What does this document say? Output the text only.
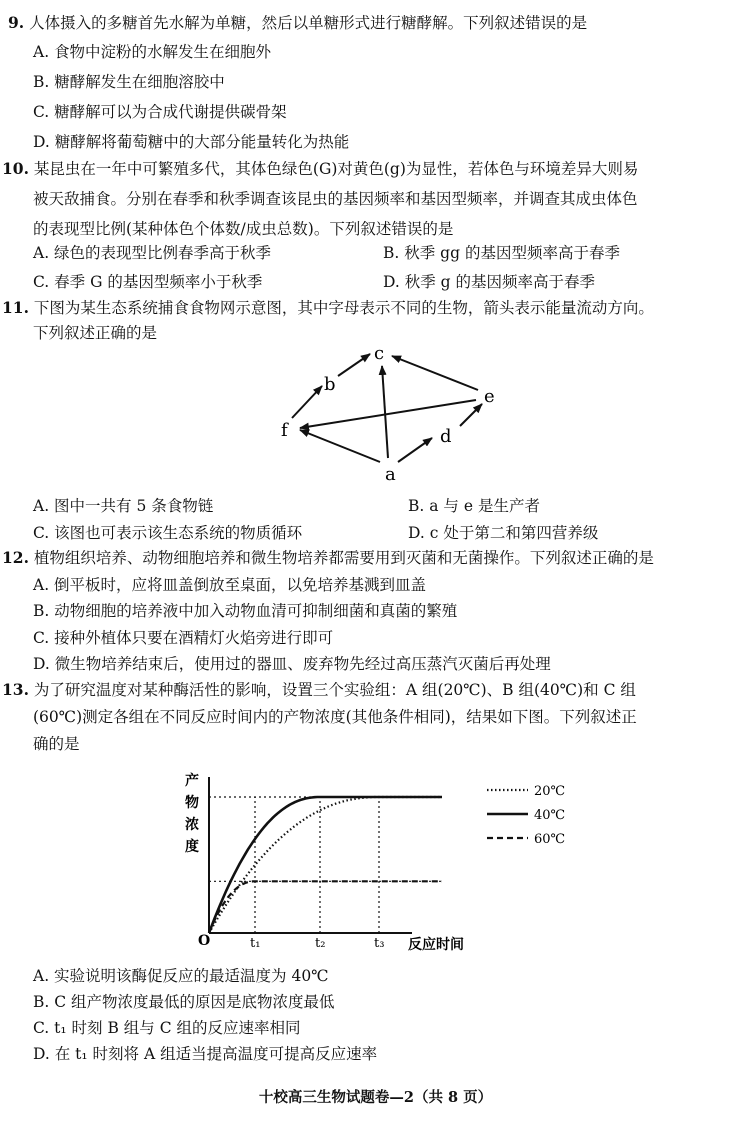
9. 人体摄入的多糖首先水解为单糖，然后以单糖形式进行糖酵解。下列叙述错误的是
A. 食物中淀粉的水解发生在细胞外
B. 糖酵解发生在细胞溶胶中
C. 糖酵解可以为合成代谢提供碳骨架
D. 糖酵解将葡萄糖中的大部分能量转化为热能
10. 某昆虫在一年中可繁殖多代，其体色绿色(G)对黄色(g)为显性，若体色与环境差异大则易
被天敌捕食。分别在春季和秋季调查该昆虫的基因频率和基因型频率，并调查其成虫体色
的表现型比例(某种体色个体数/成虫总数)。下列叙述错误的是
A. 绿色的表现型比例春季高于秋季	B. 秋季 gg 的基因型频率高于春季
C. 春季 G 的基因型频率小于秋季	D. 秋季 g 的基因频率高于春季
11. 下图为某生态系统捕食食物网示意图，其中字母表示不同的生物，箭头表示能量流动方向。
下列叙述正确的是
c
b
e
f	d
a
A. 图中一共有 5 条食物链	B. a 与 e 是生产者
C. 该图也可表示该生态系统的物质循环	D. c 处于第二和第四营养级
12. 植物组织培养、动物细胞培养和微生物培养都需要用到灭菌和无菌操作。下列叙述正确的是
A. 倒平板时，应将皿盖倒放至桌面，以免培养基溅到皿盖
B. 动物细胞的培养液中加入动物血清可抑制细菌和真菌的繁殖
C. 接种外植体只要在酒精灯火焰旁进行即可
D. 微生物培养结束后，使用过的器皿、废弃物先经过高压蒸汽灭菌后再处理
13. 为了研究温度对某种酶活性的影响，设置三个实验组：A 组(20℃)、B 组(40℃)和 C 组
(60℃)测定各组在不同反应时间内的产物浓度(其他条件相同)，结果如下图。下列叙述正
确的是
产
物
浓
度
O	反应时间
t₁	t₂	t₃
20℃
40℃
60℃
A. 实验说明该酶促反应的最适温度为 40℃
B. C 组产物浓度最低的原因是底物浓度最低
C. t₁ 时刻 B 组与 C 组的反应速率相同
D. 在 t₁ 时刻将 A 组适当提高温度可提高反应速率
十校高三生物试题卷—2（共 8 页）
